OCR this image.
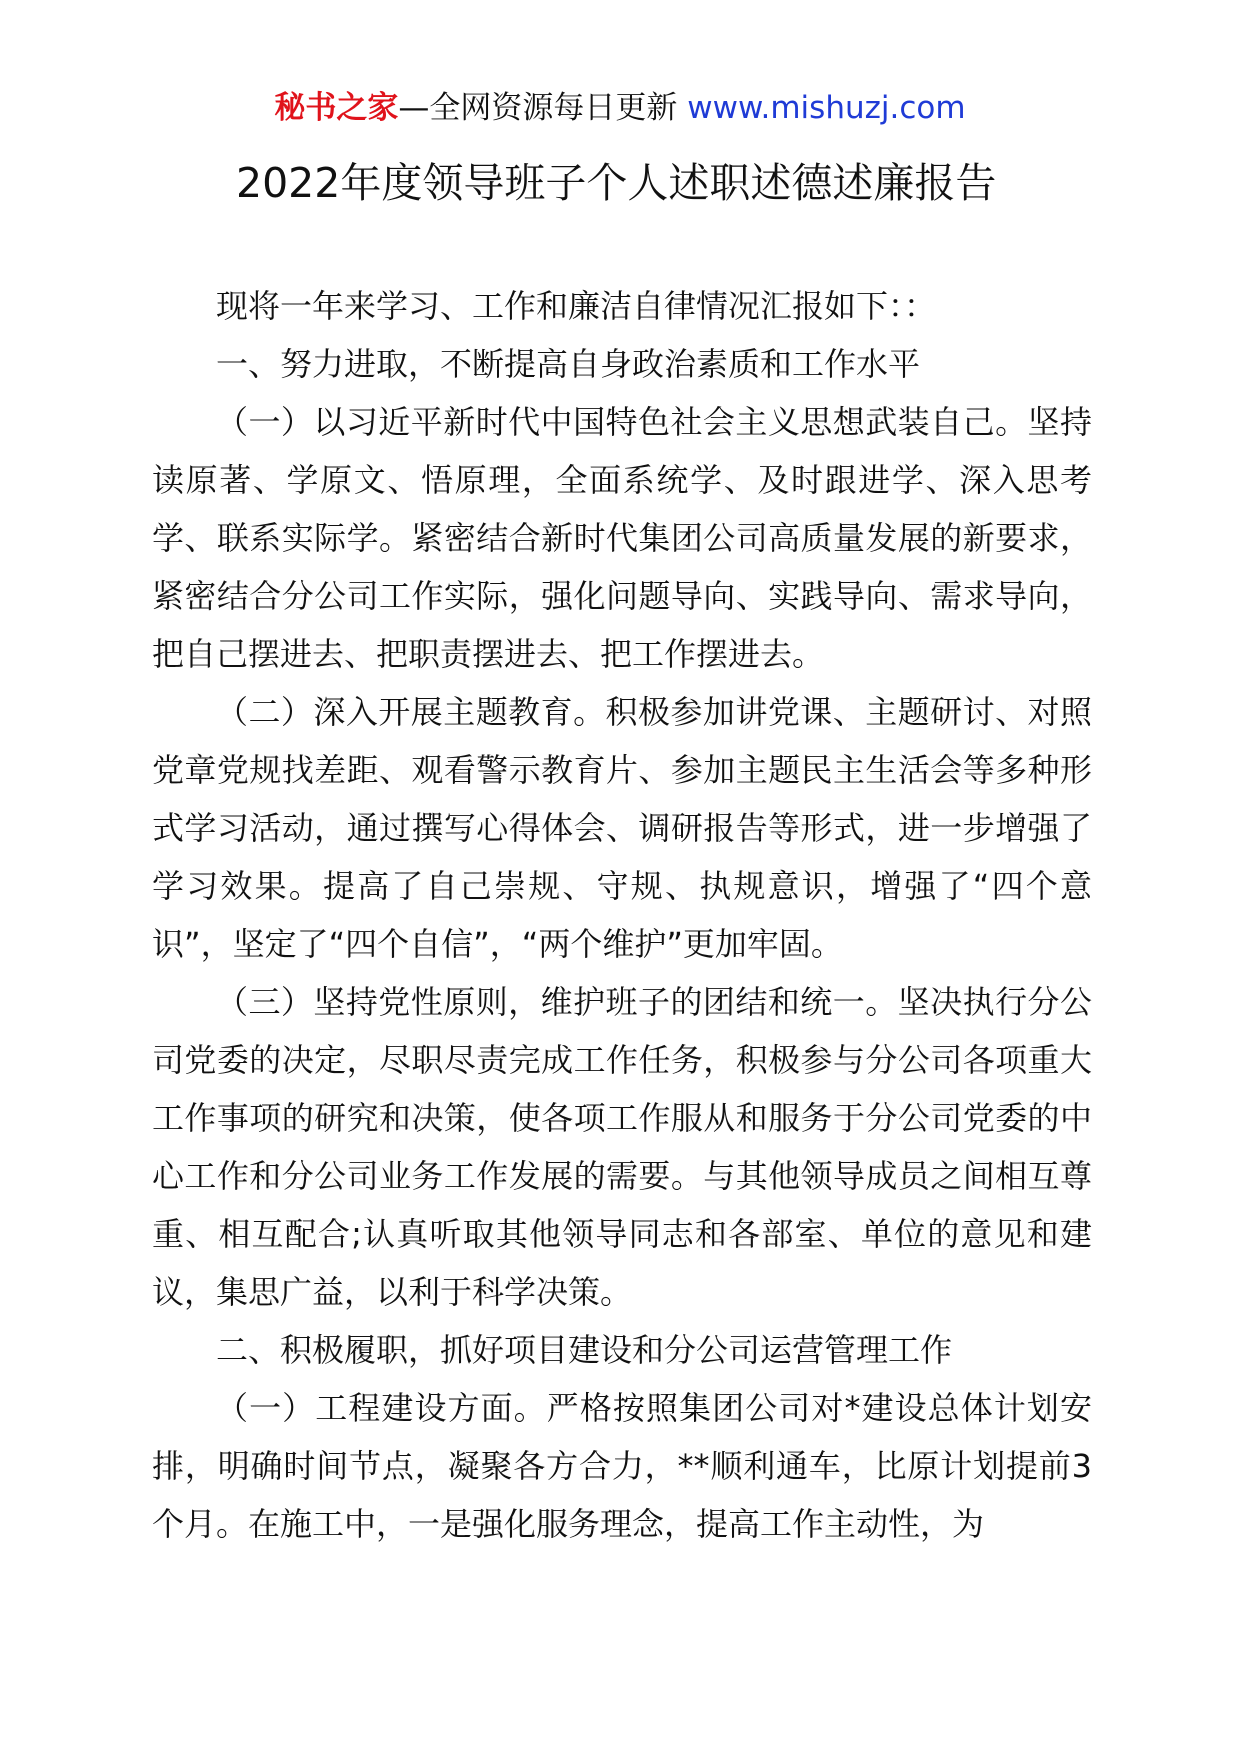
秘书之家—全网资源每日更新 www.mishuzj.com
2022年度领导班子个人述职述德述廉报告

现将一年来学习、工作和廉洁自律情况汇报如下：：

一、努力进取，不断提高自身政治素质和工作水平

（一）以习近平新时代中国特色社会主义思想武装自己。坚持读原著、学原文、悟原理，全面系统学、及时跟进学、深入思考学、联系实际学。紧密结合新时代集团公司高质量发展的新要求，紧密结合分公司工作实际，强化问题导向、实践导向、需求导向，把自己摆进去、把职责摆进去、把工作摆进去。

（二）深入开展主题教育。积极参加讲党课、主题研讨、对照党章党规找差距、观看警示教育片、参加主题民主生活会等多种形式学习活动，通过撰写心得体会、调研报告等形式，进一步增强了学习效果。提高了自己崇规、守规、执规意识，增强了“四个意识”，坚定了“四个自信”，“两个维护”更加牢固。

（三）坚持党性原则，维护班子的团结和统一。坚决执行分公司党委的决定，尽职尽责完成工作任务，积极参与分公司各项重大工作事项的研究和决策，使各项工作服从和服务于分公司党委的中心工作和分公司业务工作发展的需要。与其他领导成员之间相互尊重、相互配合;认真听取其他领导同志和各部室、单位的意见和建议，集思广益，以利于科学决策。

二、积极履职，抓好项目建设和分公司运营管理工作

（一）工程建设方面。严格按照集团公司对*建设总体计划安排，明确时间节点，凝聚各方合力，**顺利通车，比原计划提前3个月。在施工中，一是强化服务理念，提高工作主动性，为
